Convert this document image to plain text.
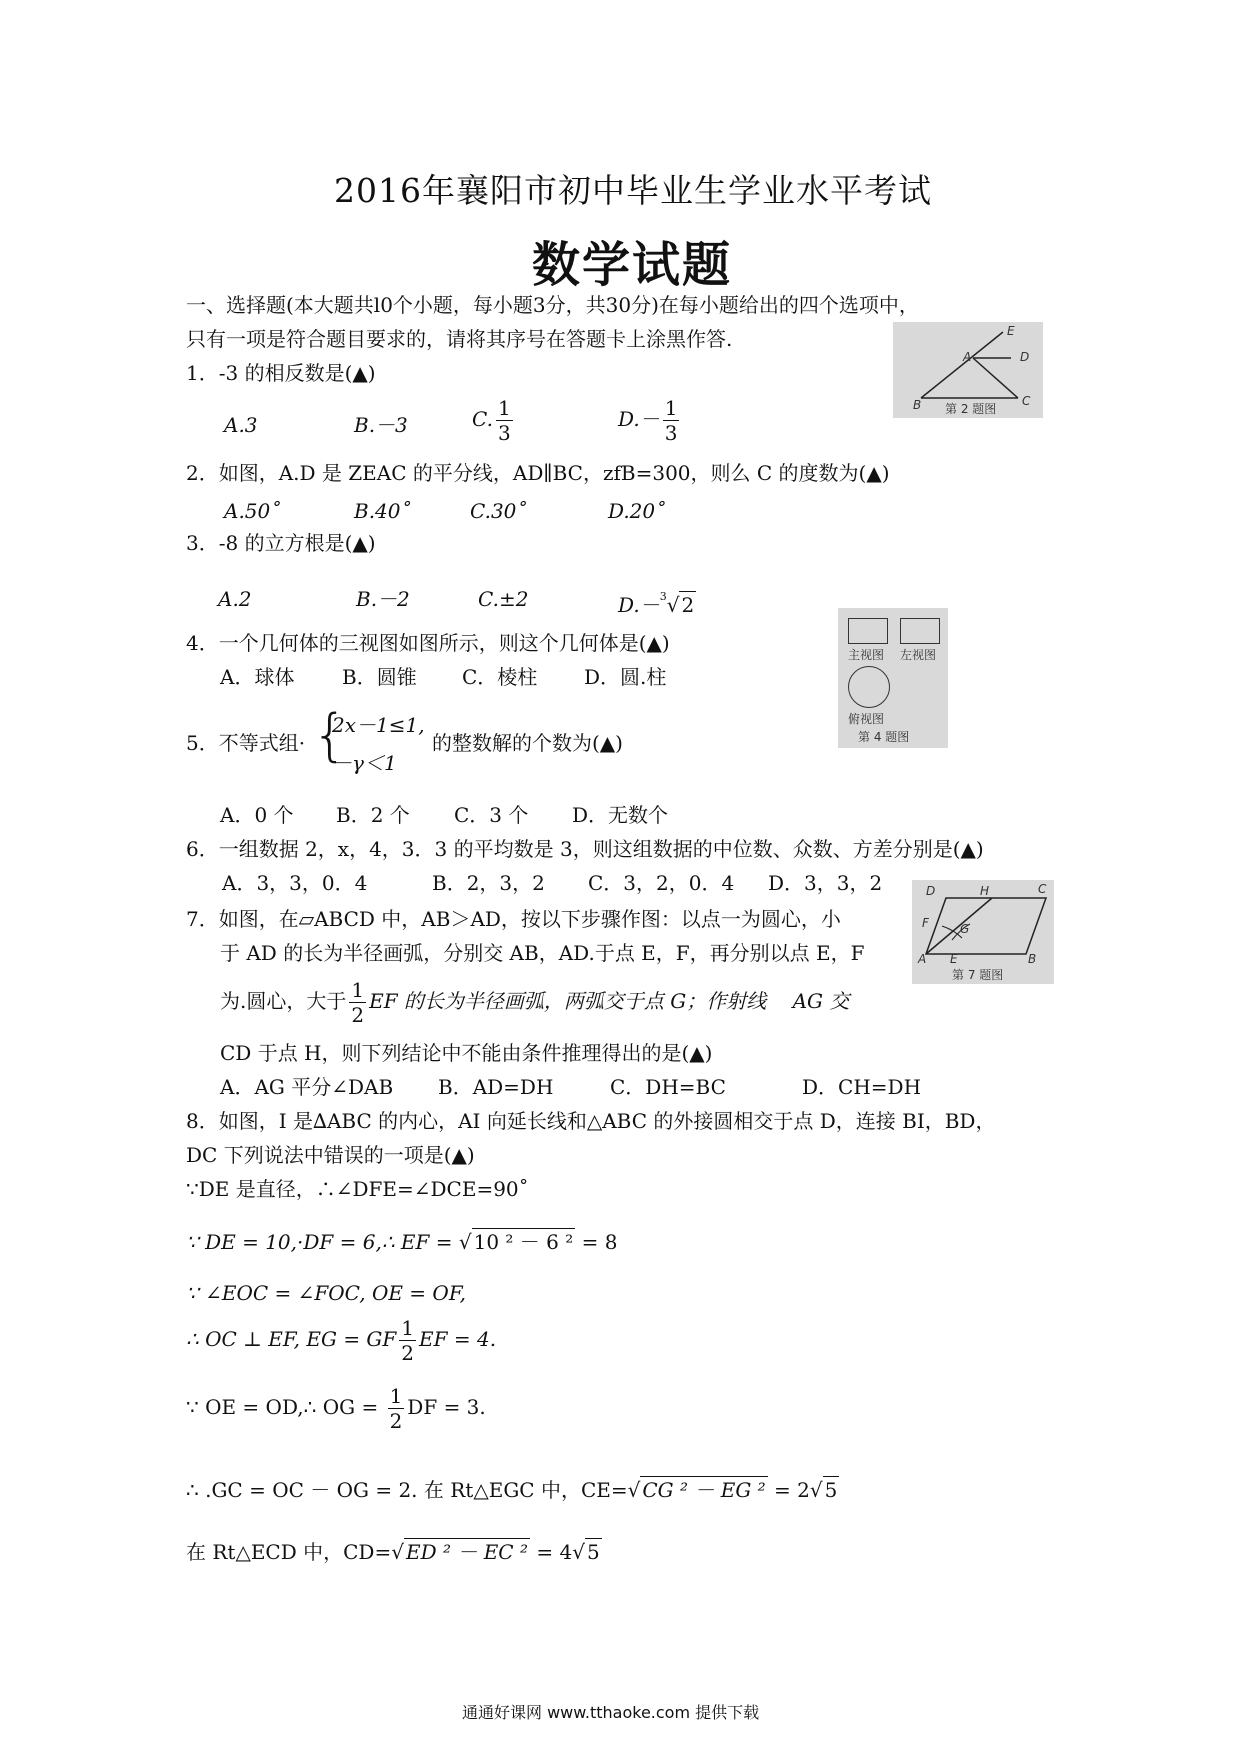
2016年襄阳市初中毕业生学业水平考试
数学试题
一、选择题(本大题共l0个小题，每小题3分，共30分)在每小题给出的四个选项中，
只有一项是符合题目要求的，请将其序号在答题卡上涂黑作答.	E
A	D
B	C
第 2 题图
1．-3 的相反数是(▲)
A.3	B.－3	C. $\frac{1}{3}$	$D.- \frac{1}{3}$
2．如图，A.D 是 ZEAC 的平分线，AD∥BC，zfB=300，则么 C 的度数为(▲)
A.50˚	B.40˚	C.30˚	D.20˚
3．-8 的立方根是(▲)
A.2	B.－2	C.±2	D.－$^3$√ 2
主视图 左视图
俯视图
第 4 题图
4．一个几何体的三视图如图所示，则这个几何体是(▲)
A．球体 B．圆锥 C．棱柱 D．圆.柱
5．不等式组· {
2x－1≤1,
－γ＜1
的整数解的个数为(▲)
A．0 个 B．2 个 C．3 个 D．无数个
6．一组数据 2，x，4，3．3 的平均数是 3，则这组数据的中位数、众数、方差分别是(▲)
A．3，3，0．4	B．2，3，2 C．3，2，0．4 D．3，3，2	D	H	C
F	G
A E	B
第 7 题图
7．如图，在▱ABCD 中，AB＞AD，按以下步骤作图：以点一为圆心，小
于 AD 的长为半径画弧，分别交 AB，AD.于点 E，F，再分别以点 E，F
为.圆心，大于 $\frac{1}{2}$ EF 的长为半径画弧，两弧交于点 G；作射线　 AG 交
CD 于点 H，则下列结论中不能由条件推理得出的是(▲)
A．AG 平分∠DAB B．AD=DH	C．DH=BC	D．CH=DH
8．如图，I 是∆ABC 的内心，AI 向延长线和△ABC 的外接圆相交于点 D，连接 BI，BD，
DC 下列说法中错误的一项是(▲)
∵DE 是直径，∴∠DFE=∠DCE=90˚
∵ DE = 10,·DF = 6,∴ EF = √ 10 ² － 6 ² = 8
∵ ∠EOC = ∠FOC, OE = OF,
∴ OC ⊥ EF, EG = GF $\frac{1}{2}$ EF = 4.
∵ OE = OD,∴ OG = $\frac{1}{2}$ DF = 3.
∴ .GC = OC － OG = 2. 在 Rt△EGC 中，CE=√ CG ² － EG ² = 2√ 5
在 Rt△ECD 中，CD=√ ED ² － EC ² = 4√ 5
通通好课网 www.tthaoke.com 提供下载
